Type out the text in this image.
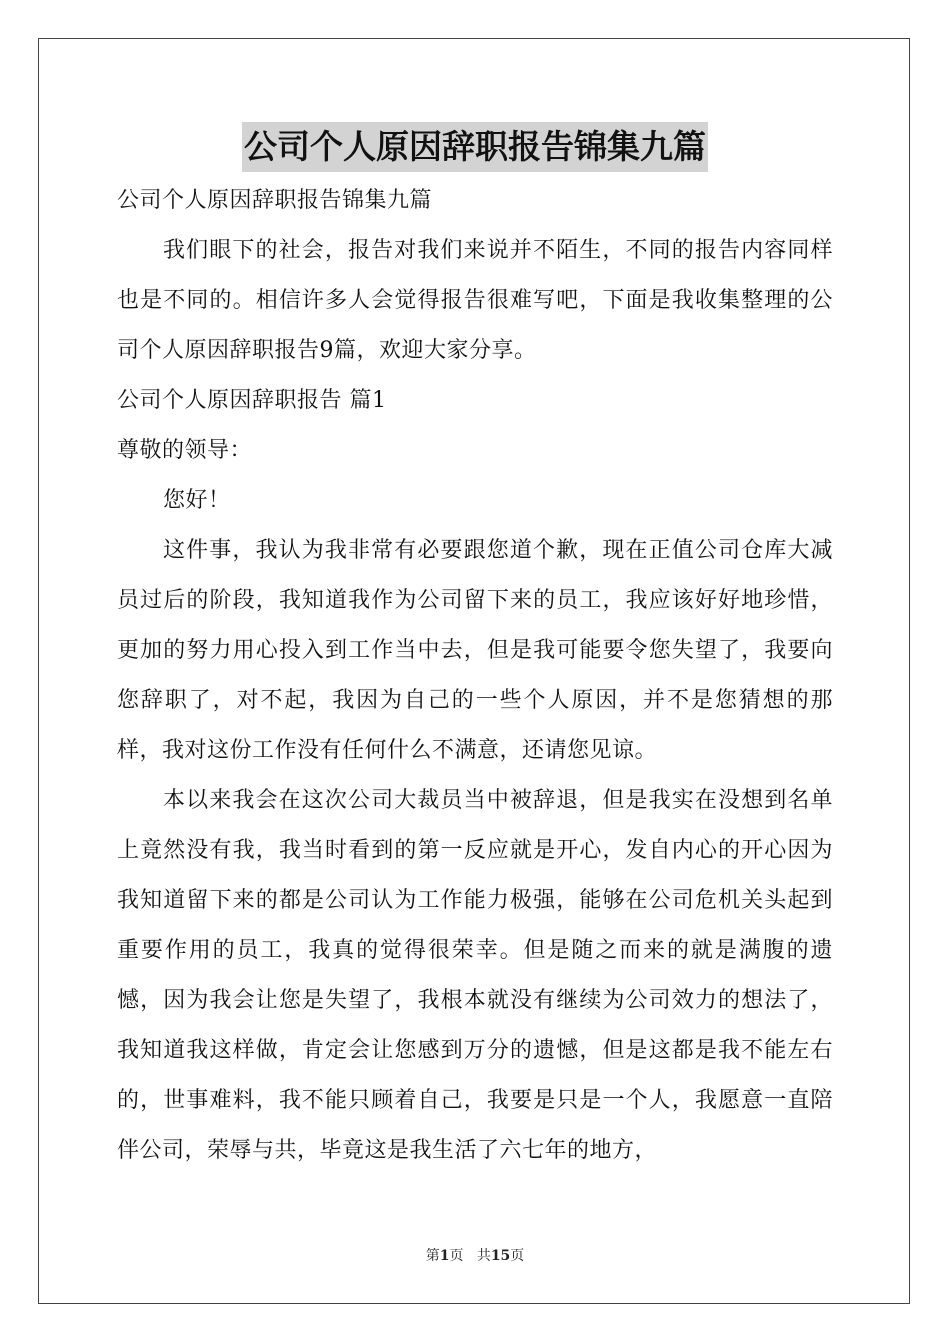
公司个人原因辞职报告锦集九篇

公司个人原因辞职报告锦集九篇

我们眼下的社会，报告对我们来说并不陌生，不同的报告内容同样也是不同的。相信许多人会觉得报告很难写吧，下面是我收集整理的公司个人原因辞职报告9篇，欢迎大家分享。

公司个人原因辞职报告 篇1

尊敬的领导：

您好！

这件事，我认为我非常有必要跟您道个歉，现在正值公司仓库大减员过后的阶段，我知道我作为公司留下来的员工，我应该好好地珍惜，更加的努力用心投入到工作当中去，但是我可能要令您失望了，我要向您辞职了，对不起，我因为自己的一些个人原因，并不是您猜想的那样，我对这份工作没有任何什么不满意，还请您见谅。

本以来我会在这次公司大裁员当中被辞退，但是我实在没想到名单上竟然没有我，我当时看到的第一反应就是开心，发自内心的开心因为我知道留下来的都是公司认为工作能力极强，能够在公司危机关头起到重要作用的员工，我真的觉得很荣幸。但是随之而来的就是满腹的遗憾，因为我会让您是失望了，我根本就没有继续为公司效力的想法了，我知道我这样做，肯定会让您感到万分的遗憾，但是这都是我不能左右的，世事难料，我不能只顾着自己，我要是只是一个人，我愿意一直陪伴公司，荣辱与共，毕竟这是我生活了六七年的地方，

第1页 共15页
